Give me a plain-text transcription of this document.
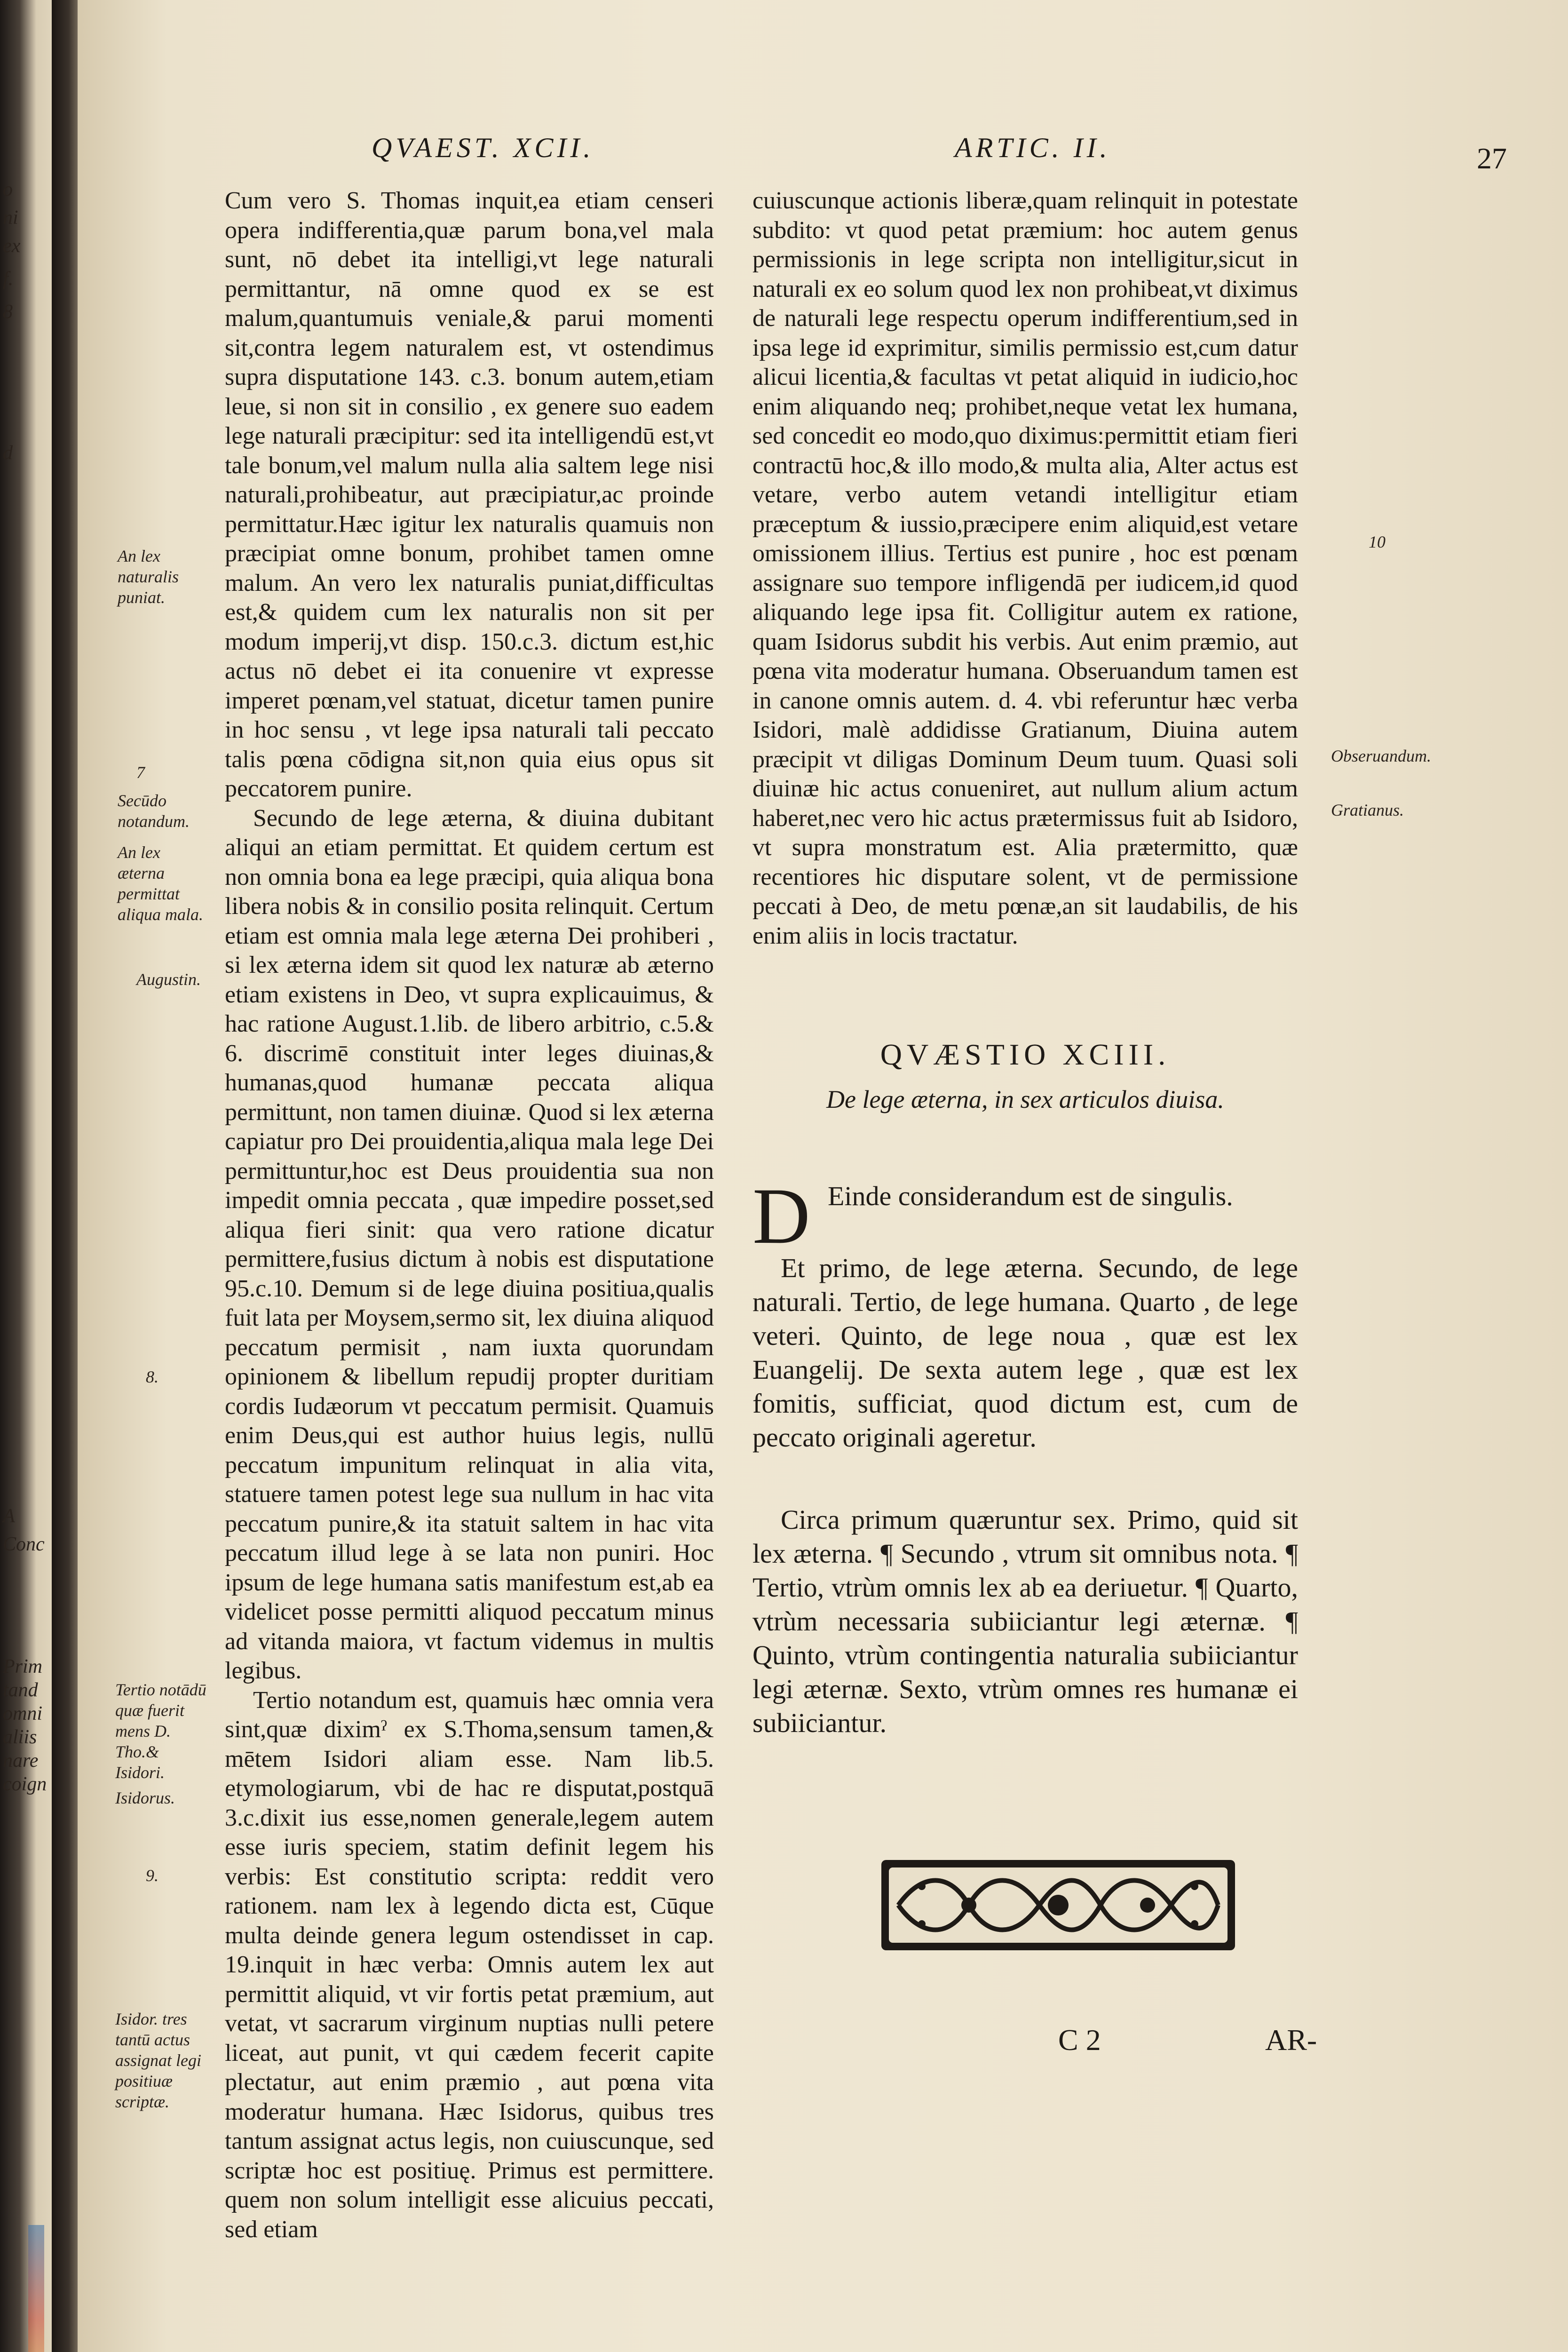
o
ni
ex
f.
8
d
A
Conc
Prim
tand
omni
aliis
nare
coign
QVAEST. XCII.	ARTIC. II.	27
Cum vero S. Thomas inquit,ea etiam censeri opera indifferentia,quæ parum bona,vel mala sunt, nō debet ita intelligi,vt lege naturali permittantur, nā omne quod ex se est malum,quantumuis veniale,& parui momenti sit,contra legem naturalem est, vt ostendimus supra disputatione 143. c.3. bonum autem,etiam leue, si non sit in consilio , ex genere suo eadem lege naturali præcipitur: sed ita intelligendū est,vt tale bonum,vel malum nulla alia saltem lege nisi naturali,prohibeatur, aut præcipiatur,ac proinde permittatur.Hæc igitur lex naturalis quamuis non præcipiat omne bonum, prohibet tamen omne malum. An vero lex naturalis puniat,difficultas est,& quidem cum lex naturalis non sit per modum imperij,vt disp. 150.c.3. dictum est,hic actus nō debet ei ita conuenire vt expresse imperet pœnam,vel statuat, dicetur tamen punire in hoc sensu , vt lege ipsa naturali tali peccato talis pœna cōdigna sit,non quia eius opus sit peccatorem punire.
Secundo de lege æterna, & diuina dubitant aliqui an etiam permittat. Et quidem certum est non omnia bona ea lege præcipi, quia aliqua bona libera nobis & in consilio posita relinquit. Certum etiam est omnia mala lege æterna Dei prohiberi , si lex æterna idem sit quod lex naturæ ab æterno etiam existens in Deo, vt supra explicauimus, & hac ratione August.1.lib. de libero arbitrio, c.5.& 6. discrimē constituit inter leges diuinas,& humanas,quod humanæ peccata aliqua permittunt, non tamen diuinæ. Quod si lex æterna capiatur pro Dei prouidentia,aliqua mala lege Dei permittuntur,hoc est Deus prouidentia sua non impedit omnia peccata , quæ impedire posset,sed aliqua fieri sinit: qua vero ratione dicatur permittere,fusius dictum à nobis est disputatione 95.c.10. Demum si de lege diuina positiua,qualis fuit lata per Moysem,sermo sit, lex diuina aliquod peccatum permisit , nam iuxta quorundam opinionem & libellum repudij propter duritiam cordis Iudæorum vt peccatum permisit. Quamuis enim Deus,qui est author huius legis, nullū peccatum impunitum relinquat in alia vita, statuere tamen potest lege sua nullum in hac vita peccatum punire,& ita statuit saltem in hac vita peccatum illud lege à se lata non puniri. Hoc ipsum de lege humana satis manifestum est,ab ea videlicet posse permitti aliquod peccatum minus ad vitanda maiora, vt factum videmus in multis legibus.
Tertio notandum est, quamuis hæc omnia vera sint,quæ diximˀ ex S.Thoma,sensum tamen,& mētem Isidori aliam esse. Nam lib.5. etymologiarum, vbi de hac re disputat,postquā 3.c.dixit ius esse,nomen generale,legem autem esse iuris speciem, statim definit legem his verbis: Est constitutio scripta: reddit vero rationem. nam lex à legendo dicta est, Cūque multa deinde genera legum ostendisset in cap. 19.inquit in hæc verba: Omnis autem lex aut permittit aliquid, vt vir fortis petat præmium, aut vetat, vt sacrarum virginum nuptias nulli petere liceat, aut punit, vt qui cædem fecerit capite plectatur, aut enim præmio , aut pœna vita moderatur humana. Hæc Isidorus, quibus tres tantum assignat actus legis, non cuiuscunque, sed scriptæ hoc est positiuę. Primus est permittere. quem non solum intelligit esse alicuius peccati, sed etiam
An lex naturalis puniat.
7
Secūdo notandum.
An lex æterna permittat aliqua mala.
Augustin.
8.
Tertio notādū quæ fuerit mens D. Tho.& Isidori.
Isidorus.
9.
Isidor. tres tantū actus assignat legi positiuæ scriptæ.
cuiuscunque actionis liberæ,quam relinquit in potestate subdito: vt quod petat præmium: hoc autem genus permissionis in lege scripta non intelligitur,sicut in naturali ex eo solum quod lex non prohibeat,vt diximus de naturali lege respectu operum indifferentium,sed in ipsa lege id exprimitur, similis permissio est,cum datur alicui licentia,& facultas vt petat aliquid in iudicio,hoc enim aliquando neq; prohibet,neque vetat lex humana, sed concedit eo modo,quo diximus:permittit etiam fieri contractū hoc,& illo modo,& multa alia, Alter actus est vetare, verbo autem vetandi intelligitur etiam præceptum & iussio,præcipere enim aliquid,est vetare omissionem illius. Tertius est punire , hoc est pœnam assignare suo tempore infligendā per iudicem,id quod aliquando lege ipsa fit. Colligitur autem ex ratione, quam Isidorus subdit his verbis. Aut enim præmio, aut pœna vita moderatur humana. Obseruandum tamen est in canone omnis autem. d. 4. vbi referuntur hæc verba Isidori, malè addidisse Gratianum, Diuina autem præcipit vt diligas Dominum Deum tuum. Quasi soli diuinæ hic actus conueniret, aut nullum alium actum haberet,nec vero hic actus prætermissus fuit ab Isidoro, vt supra monstratum est. Alia prætermitto, quæ recentiores hic disputare solent, vt de permissione peccati à Deo, de metu pœnæ,an sit laudabilis, de his enim aliis in locis tractatur.
10
Obseruandum.
Gratianus.
QVÆSTIO XCIII.
De lege æterna, in sex articulos diuisa.
D Einde considerandum est de singulis.
Et primo, de lege æterna. Secundo, de lege naturali. Tertio, de lege humana. Quarto , de lege veteri. Quinto, de lege noua , quæ est lex Euangelij. De sexta autem lege , quæ est lex fomitis, sufficiat, quod dictum est, cum de peccato originali ageretur.
Circa primum quæruntur sex. Primo, quid sit lex æterna. ¶ Secundo , vtrum sit omnibus nota. ¶ Tertio, vtrùm omnis lex ab ea deriuetur. ¶ Quarto, vtrùm necessaria subiiciantur legi æternæ. ¶ Quinto, vtrùm contingentia naturalia subiiciantur legi æternæ. Sexto, vtrùm omnes res humanæ ei subiiciantur.
C 2	AR-
